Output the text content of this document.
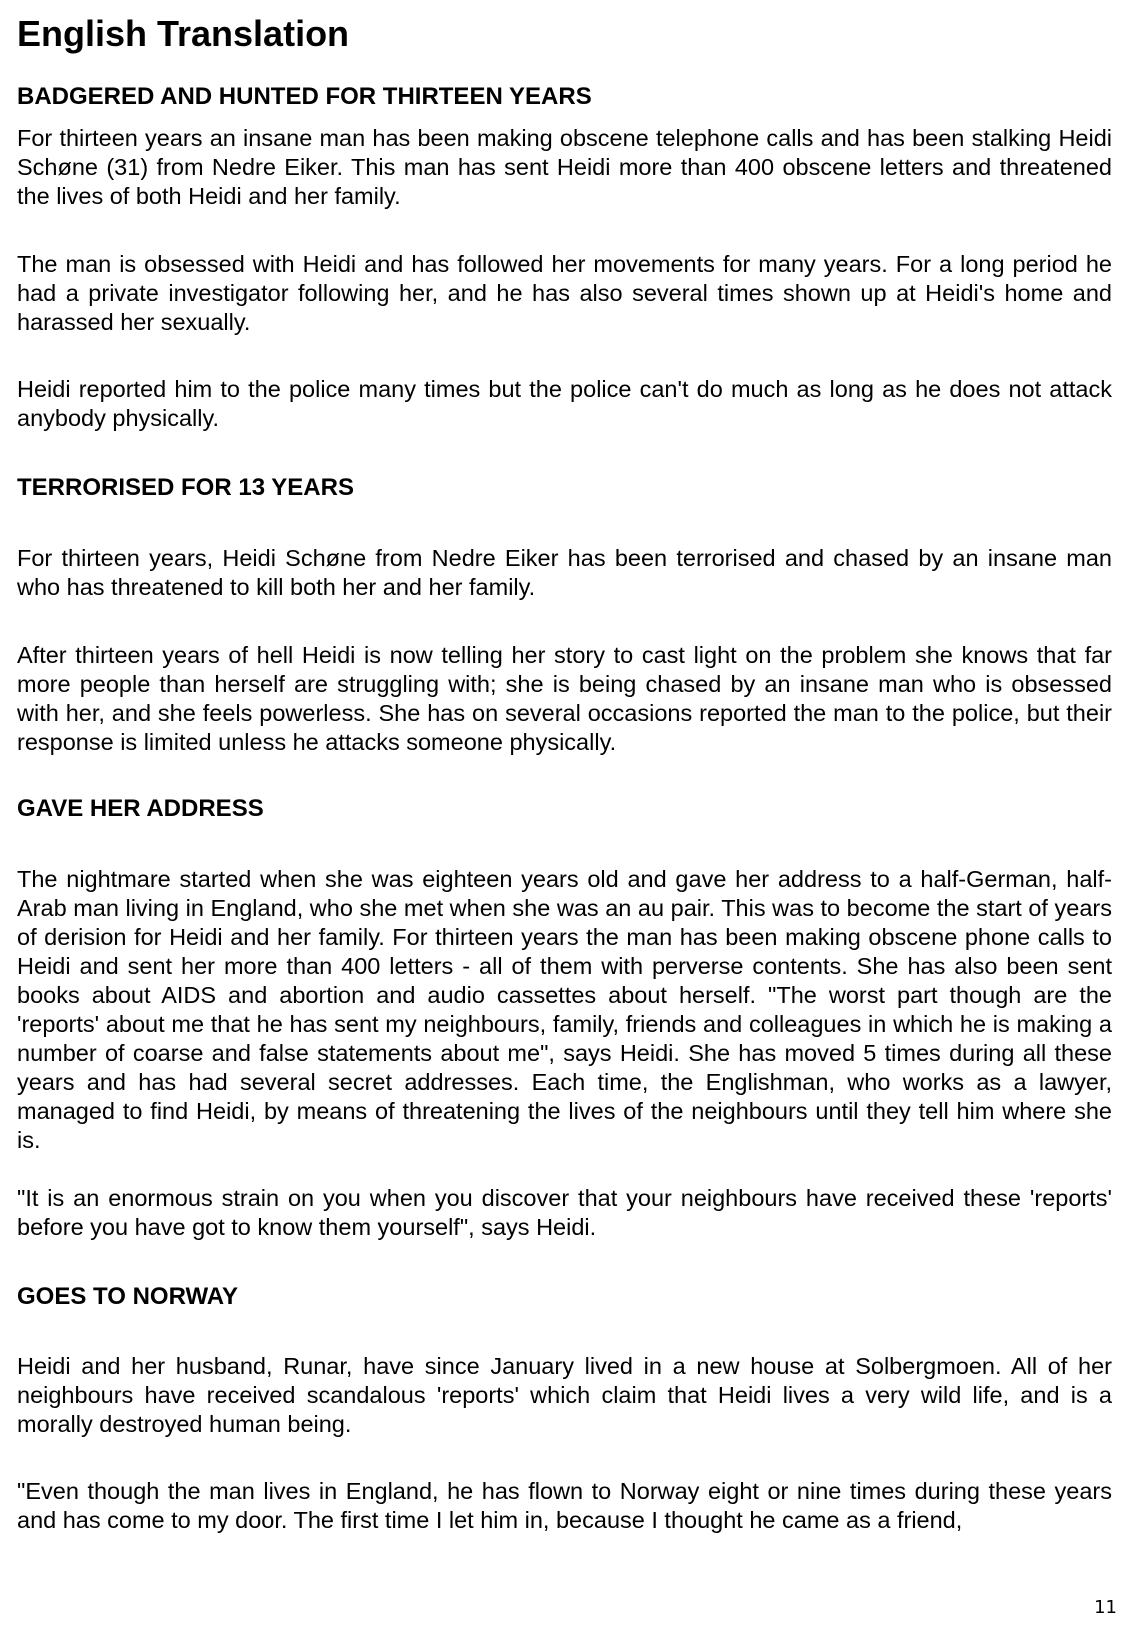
English Translation
BADGERED AND HUNTED FOR THIRTEEN YEARS

For thirteen years an insane man has been making obscene telephone calls and has been stalking Heidi Schøne (31) from Nedre Eiker. This man has sent Heidi more than 400 obscene letters and threatened the lives of both Heidi and her family.

The man is obsessed with Heidi and has followed her movements for many years. For a long period he had a private investigator following her, and he has also several times shown up at Heidi's home and harassed her sexually.

Heidi reported him to the police many times but the police can't do much as long as he does not attack anybody physically.

TERRORISED FOR 13 YEARS

For thirteen years, Heidi Schøne from Nedre Eiker has been terrorised and chased by an insane man who has threatened to kill both her and her family.

After thirteen years of hell Heidi is now telling her story to cast light on the problem she knows that far more people than herself are struggling with; she is being chased by an insane man who is obsessed with her, and she feels powerless. She has on several occasions reported the man to the police, but their response is limited unless he attacks someone physically.

GAVE HER ADDRESS

The nightmare started when she was eighteen years old and gave her address to a half-German, half-Arab man living in England, who she met when she was an au pair. This was to become the start of years of derision for Heidi and her family. For thirteen years the man has been making obscene phone calls to Heidi and sent her more than 400 letters - all of them with perverse contents. She has also been sent books about AIDS and abortion and audio cassettes about herself. "The worst part though are the 'reports' about me that he has sent my neighbours, family, friends and colleagues in which he is making a number of coarse and false statements about me", says Heidi. She has moved 5 times during all these years and has had several secret addresses. Each time, the Englishman, who works as a lawyer, managed to find Heidi, by means of threatening the lives of the neighbours until they tell him where she is.

"It is an enormous strain on you when you discover that your neighbours have received these 'reports' before you have got to know them yourself", says Heidi.

GOES TO NORWAY

Heidi and her husband, Runar, have since January lived in a new house at Solbergmoen. All of her neighbours have received scandalous 'reports' which claim that Heidi lives a very wild life, and is a morally destroyed human being.

"Even though the man lives in England, he has flown to Norway eight or nine times during these years and has come to my door. The first time I let him in, because I thought he came as a friend,

11
